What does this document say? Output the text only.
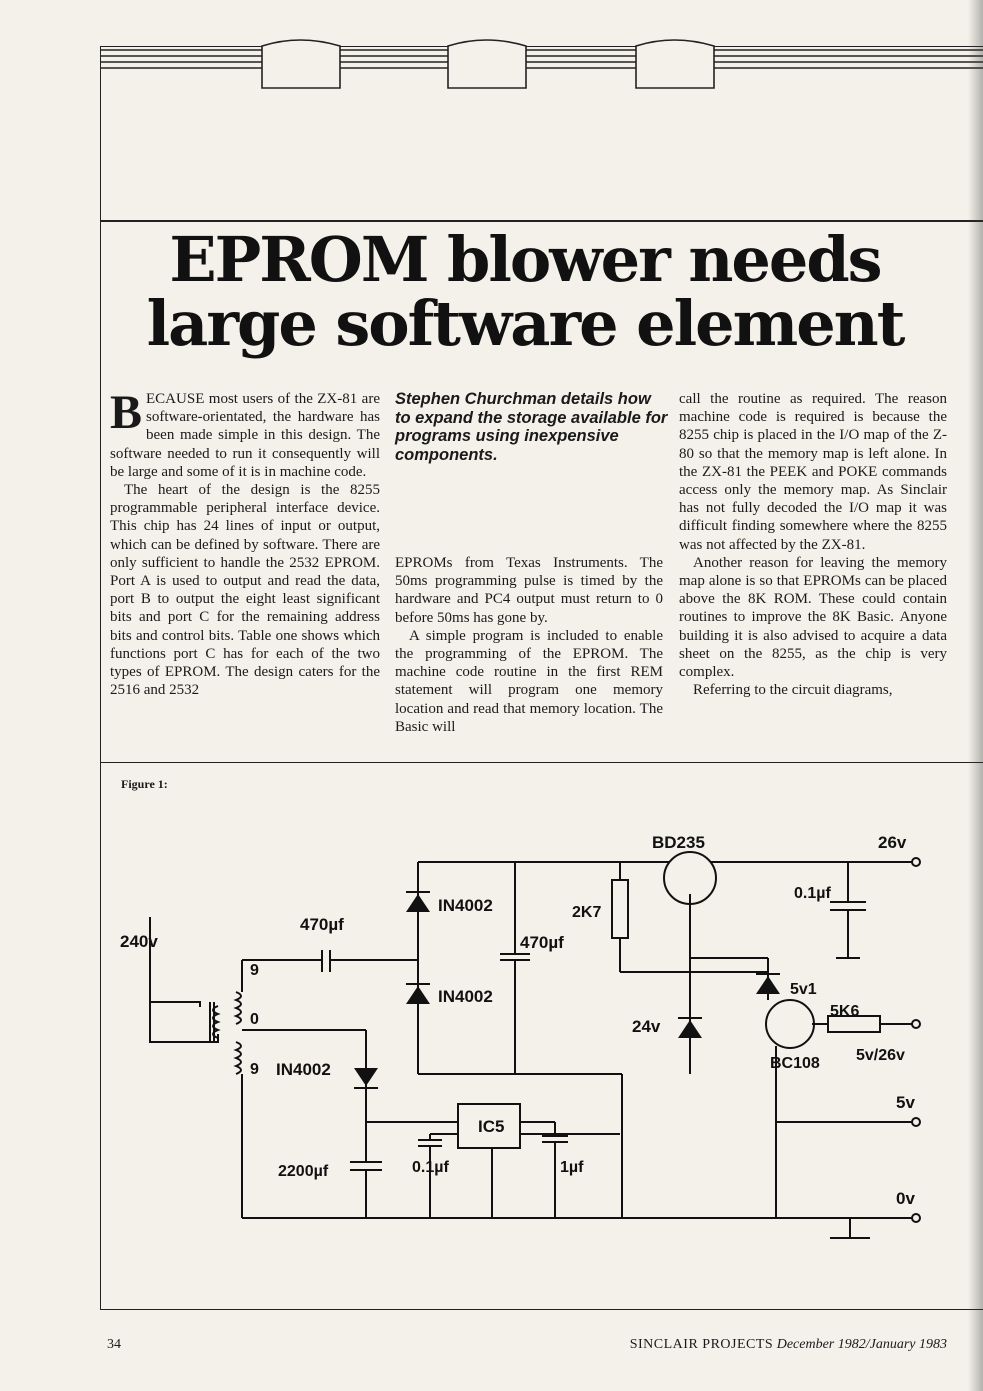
EPROM blower needs
large software element

BECAUSE most users of the ZX-81 are software-orientated, the hardware has been made simple in this design. The software needed to run it consequently will be large and some of it is in machine code.

The heart of the design is the 8255 programmable peripheral interface device. This chip has 24 lines of input or output, which can be defined by software. There are only sufficient to handle the 2532 EPROM. Port A is used to output and read the data, port B to output the eight least significant bits and port C for the remaining address bits and control bits. Table one shows which functions port C has for each of the two types of EPROM. The design caters for the 2516 and 2532

Stephen Churchman details how to expand the storage available for programs using inexpensive components.

EPROMs from Texas Instruments. The 50ms programming pulse is timed by the hardware and PC4 output must return to 0 before 50ms has gone by.

A simple program is included to enable the programming of the EPROM. The machine code routine in the first REM statement will program one memory location and read that memory location. The Basic will

call the routine as required. The reason machine code is required is because the 8255 chip is placed in the I/O map of the Z-80 so that the memory map is left alone. In the ZX-81 the PEEK and POKE commands access only the memory map. As Sinclair has not fully decoded the I/O map it was difficult finding somewhere where the 8255 was not affected by the ZX-81.

Another reason for leaving the memory map alone is so that EPROMs can be placed above the 8K ROM. These could contain routines to improve the 8K Basic. Anyone building it is also advised to acquire a data sheet on the 8255, as the chip is very complex.

Referring to the circuit diagrams,

Figure 1:
240v
470µf
9
0
9
IN4002
IN4002
IN4002
470µf
2K7
BD235
0.1µf
26v
24v
5v1
5K6
BC108 5v/26v
5v
0v
IC5
2200µf	0.1µf	1µf
34	SINCLAIR PROJECTS December 1982/January 1983
